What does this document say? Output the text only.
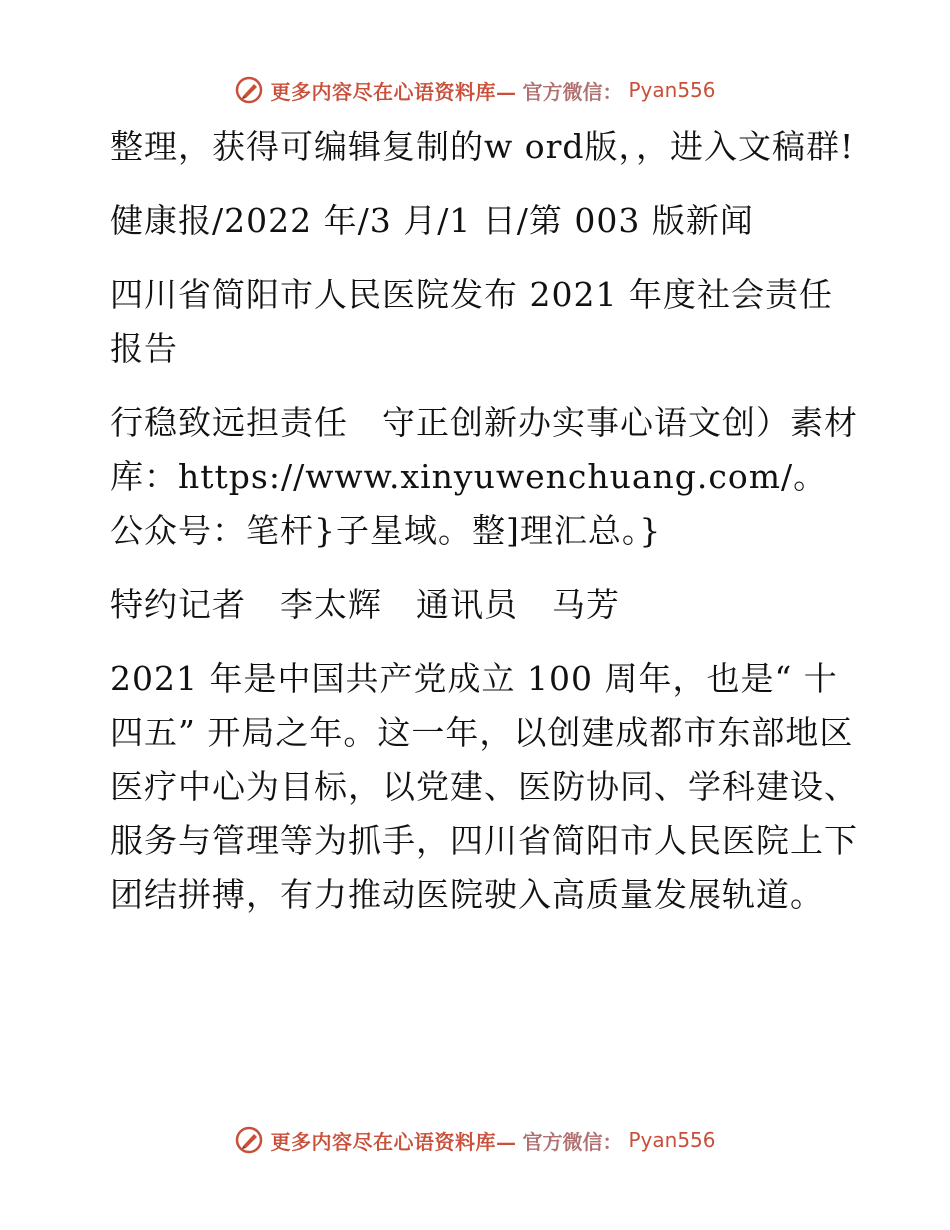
更多内容尽在心语资料库— 官方微信： Pyan556

整理，获得可编辑复制的w ord版，，进入文稿群!

健康报/2022 年/3 月/1 日/第 003 版新闻

四川省简阳市人民医院发布 2021 年度社会责任报告

行稳致远担责任　守正创新办实事心语文创）素材库：https://www.xinyuwenchuang.com/。公众号：笔杆}子星域。整]理汇总。}

特约记者　李太辉　通讯员　马芳

2021 年是中国共产党成立 100 周年，也是“ 十四五” 开局之年。这一年，以创建成都市东部地区医疗中心为目标，以党建、医防协同、学科建设、服务与管理等为抓手，四川省简阳市人民医院上下团结拼搏，有力推动医院驶入高质量发展轨道。

更多内容尽在心语资料库— 官方微信： Pyan556
